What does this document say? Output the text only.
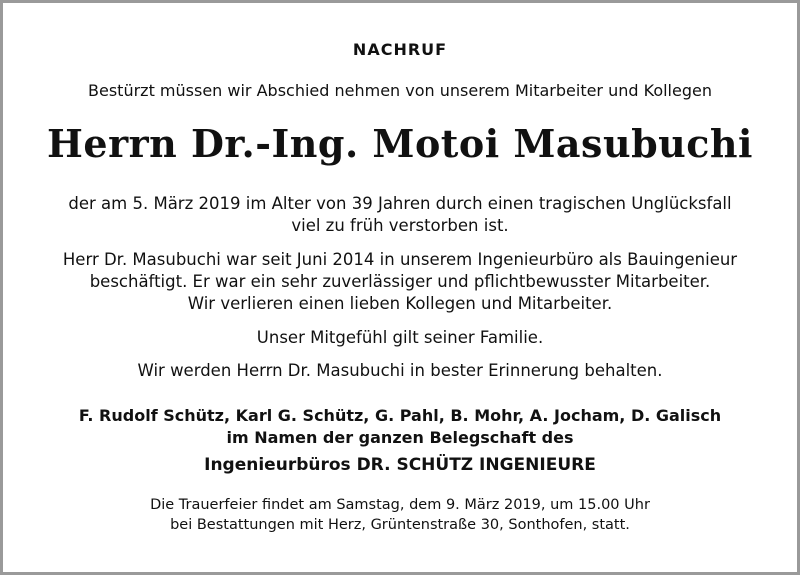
NACHRUF
Bestürzt müssen wir Abschied nehmen von unserem Mitarbeiter und Kollegen
Herrn Dr.-Ing. Motoi Masubuchi
der am 5. März 2019 im Alter von 39 Jahren durch einen tragischen Unglücksfall
viel zu früh verstorben ist.
Herr Dr. Masubuchi war seit Juni 2014 in unserem Ingenieurbüro als Bauingenieur
beschäftigt. Er war ein sehr zuverlässiger und pflichtbewusster Mitarbeiter.
Wir verlieren einen lieben Kollegen und Mitarbeiter.
Unser Mitgefühl gilt seiner Familie.
Wir werden Herrn Dr. Masubuchi in bester Erinnerung behalten.
F. Rudolf Schütz, Karl G. Schütz, G. Pahl, B. Mohr, A. Jocham, D. Galisch
im Namen der ganzen Belegschaft des
Ingenieurbüros DR. SCHÜTZ INGENIEURE
Die Trauerfeier findet am Samstag, dem 9. März 2019, um 15.00 Uhr
bei Bestattungen mit Herz, Grüntenstraße 30, Sonthofen, statt.
